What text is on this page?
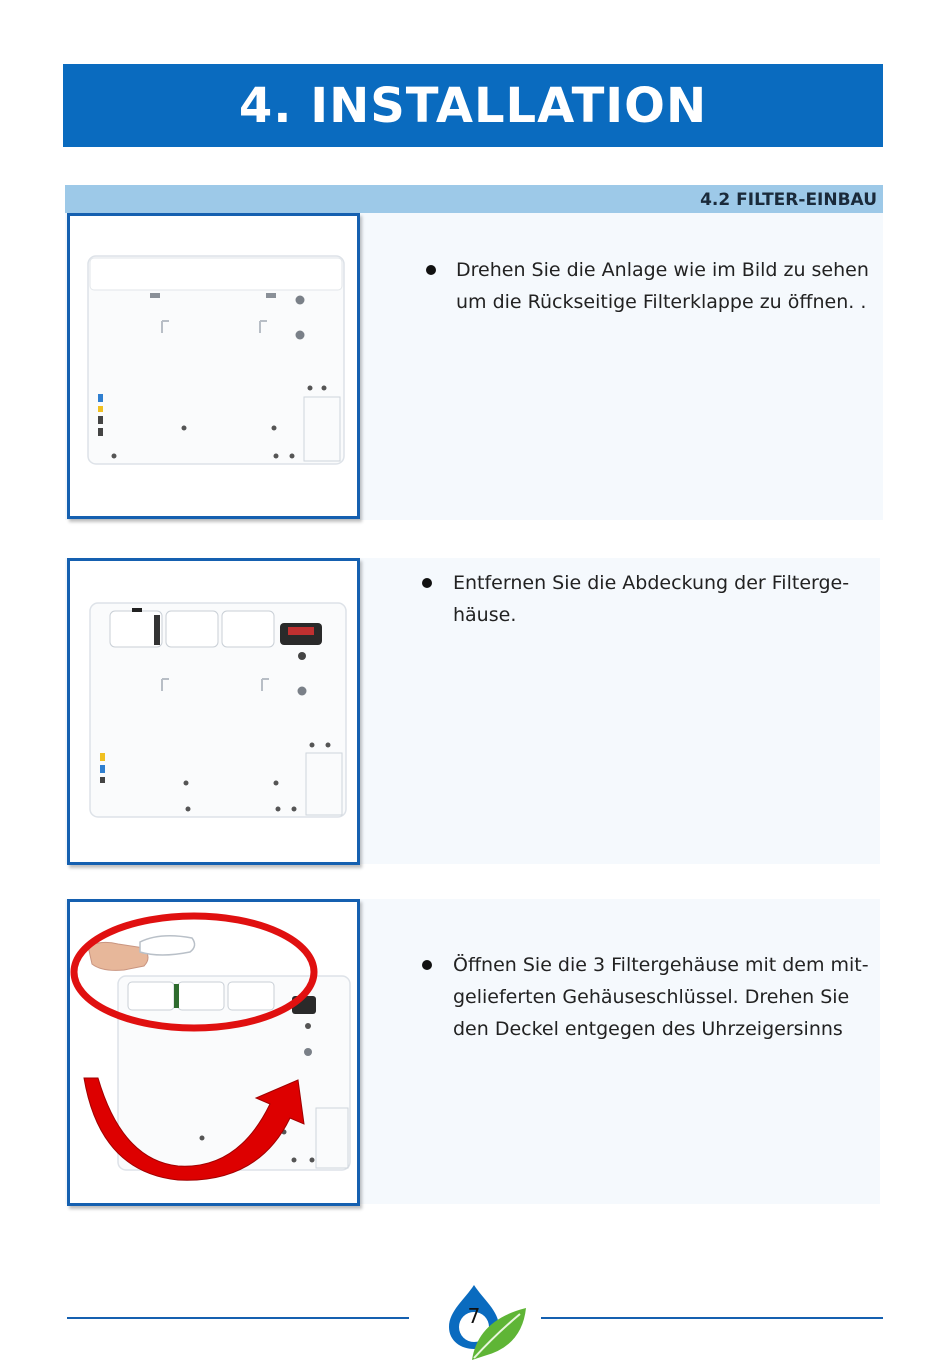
4. INSTALLATION
4.2 FILTER-EINBAU
Drehen Sie die Anlage wie im Bild zu sehen
um die Rückseitige Filterklappe zu öffnen. .
Entfernen Sie die Abdeckung der Filterge-
häuse.
Öffnen Sie die 3 Filtergehäuse mit dem mit-
gelieferten Gehäuseschlüssel. Drehen Sie
den Deckel entgegen des Uhrzeigersinns
7
